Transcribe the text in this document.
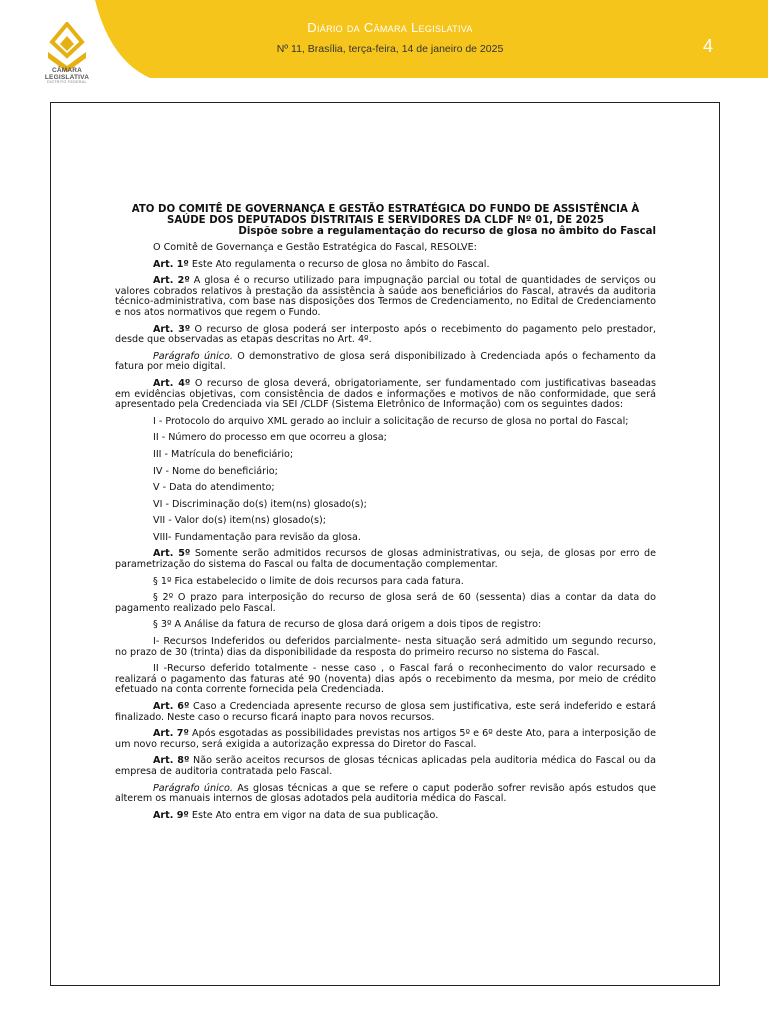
CÂMARA
LEGISLATIVA
DISTRITO FEDERAL
Diário da Câmara Legislativa
Nº 11, Brasília, terça-feira, 14 de janeiro de 2025	4
ATO DO COMITÊ DE GOVERNANÇA E GESTÃO ESTRATÉGICA DO FUNDO DE ASSISTÊNCIA À SAÚDE DOS DEPUTADOS DISTRITAIS E SERVIDORES DA CLDF Nº 01, DE 2025
Dispõe sobre a regulamentação do recurso de glosa no âmbito do Fascal

O Comitê de Governança e Gestão Estratégica do Fascal, RESOLVE:

Art. 1º Este Ato regulamenta o recurso de glosa no âmbito do Fascal.

Art. 2º A glosa é o recurso utilizado para impugnação parcial ou total de quantidades de serviços ou valores cobrados relativos à prestação da assistência à saúde aos beneficiários do Fascal, através da auditoria técnico-administrativa, com base nas disposições dos Termos de Credenciamento, no Edital de Credenciamento e nos atos normativos que regem o Fundo.

Art. 3º O recurso de glosa poderá ser interposto após o recebimento do pagamento pelo prestador, desde que observadas as etapas descritas no Art. 4º.

Parágrafo único. O demonstrativo de glosa será disponibilizado à Credenciada após o fechamento da fatura por meio digital.

Art. 4º O recurso de glosa deverá, obrigatoriamente, ser fundamentado com justificativas baseadas em evidências objetivas, com consistência de dados e informações e motivos de não conformidade, que será apresentado pela Credenciada via SEI /CLDF (Sistema Eletrônico de Informação) com os seguintes dados:

I - Protocolo do arquivo XML gerado ao incluir a solicitação de recurso de glosa no portal do Fascal;

II - Número do processo em que ocorreu a glosa;

III - Matrícula do beneficiário;

IV - Nome do beneficiário;

V - Data do atendimento;

VI - Discriminação do(s) item(ns) glosado(s);

VII - Valor do(s) item(ns) glosado(s);

VIII- Fundamentação para revisão da glosa.

Art. 5º Somente serão admitidos recursos de glosas administrativas, ou seja, de glosas por erro de parametrização do sistema do Fascal ou falta de documentação complementar.

§ 1º Fica estabelecido o limite de dois recursos para cada fatura.

§ 2º O prazo para interposição do recurso de glosa será de 60 (sessenta) dias a contar da data do pagamento realizado pelo Fascal.

§ 3º A Análise da fatura de recurso de glosa dará origem a dois tipos de registro:

I- Recursos Indeferidos ou deferidos parcialmente- nesta situação será admitido um segundo recurso, no prazo de 30 (trinta) dias da disponibilidade da resposta do primeiro recurso no sistema do Fascal.

II -Recurso deferido totalmente - nesse caso , o Fascal fará o reconhecimento do valor recursado e realizará o pagamento das faturas até 90 (noventa) dias após o recebimento da mesma, por meio de crédito efetuado na conta corrente fornecida pela Credenciada.

Art. 6º Caso a Credenciada apresente recurso de glosa sem justificativa, este será indeferido e estará finalizado. Neste caso o recurso ficará inapto para novos recursos.

Art. 7º Após esgotadas as possibilidades previstas nos artigos 5º e 6º deste Ato, para a interposição de um novo recurso, será exigida a autorização expressa do Diretor do Fascal.

Art. 8º Não serão aceitos recursos de glosas técnicas aplicadas pela auditoria médica do Fascal ou da empresa de auditoria contratada pelo Fascal.

Parágrafo único. As glosas técnicas a que se refere o caput poderão sofrer revisão após estudos que alterem os manuais internos de glosas adotados pela auditoria médica do Fascal.

Art. 9º Este Ato entra em vigor na data de sua publicação.
